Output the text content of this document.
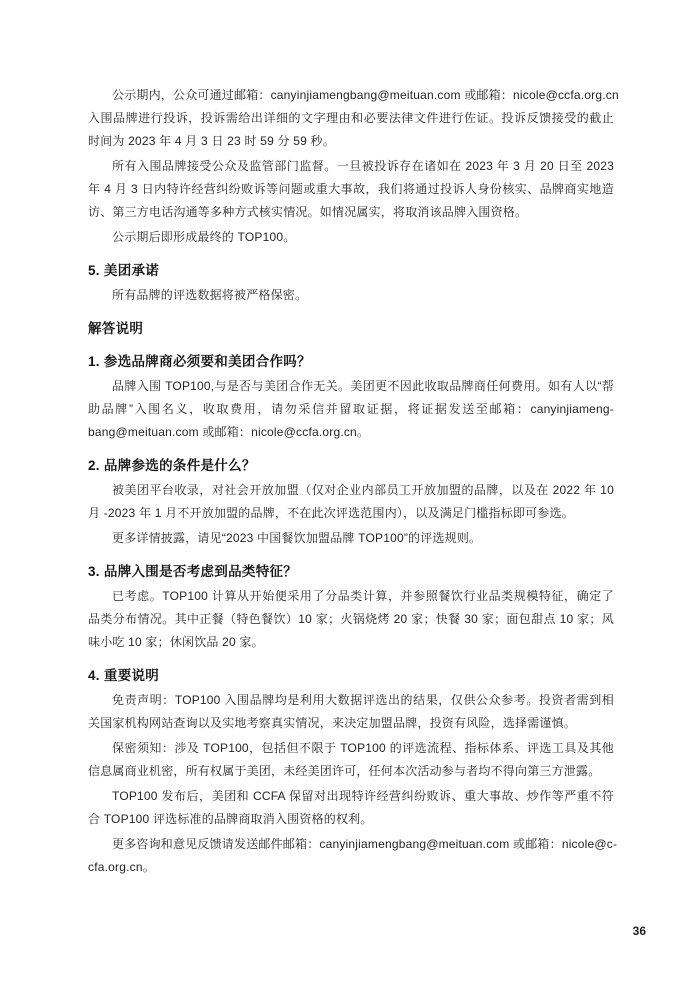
公示期内，公众可通过邮箱：canyinjiamengbang@meituan.com 或邮箱：nicole@ccfa.org.cn
入围品牌进行投诉，投诉需给出详细的文字理由和必要法律文件进行佐证。投诉反馈接受的截止
时间为 2023 年 4 月 3 日 23 时 59 分 59 秒。
所有入围品牌接受公众及监管部门监督。一旦被投诉存在诸如在 2023 年 3 月 20 日至 2023
年 4 月 3 日内特许经营纠纷败诉等问题或重大事故，我们将通过投诉人身份核实、品牌商实地造
访、第三方电话沟通等多种方式核实情况。如情况属实，将取消该品牌入围资格。
公示期后即形成最终的 TOP100。
5. 美团承诺
所有品牌的评选数据将被严格保密。
解答说明
1. 参选品牌商必须要和美团合作吗？
品牌入围 TOP100,与是否与美团合作无关。美团更不因此收取品牌商任何费用。如有人以“帮
助品牌”入围名义，收取费用，请勿采信并留取证据，将证据发送至邮箱：canyinjiameng-
bang@meituan.com 或邮箱：nicole@ccfa.org.cn。
2. 品牌参选的条件是什么？
被美团平台收录，对社会开放加盟（仅对企业内部员工开放加盟的品牌，以及在 2022 年 10
月 -2023 年 1 月不开放加盟的品牌，不在此次评选范围内），以及满足门槛指标即可参选。
更多详情披露，请见“2023 中国餐饮加盟品牌 TOP100”的评选规则。
3. 品牌入围是否考虑到品类特征？
已考虑。TOP100 计算从开始便采用了分品类计算，并参照餐饮行业品类规模特征，确定了
品类分布情况。其中正餐（特色餐饮）10 家；火锅烧烤 20 家；快餐 30 家；面包甜点 10 家；风
味小吃 10 家；休闲饮品 20 家。
4. 重要说明
免责声明：TOP100 入围品牌均是利用大数据评选出的结果，仅供公众参考。投资者需到相
关国家机构网站查询以及实地考察真实情况，来决定加盟品牌，投资有风险，选择需谨慎。
保密须知：涉及 TOP100，包括但不限于 TOP100 的评选流程、指标体系、评选工具及其他
信息属商业机密，所有权属于美团，未经美团许可，任何本次活动参与者均不得向第三方泄露。
TOP100 发布后，美团和 CCFA 保留对出现特许经营纠纷败诉、重大事故、炒作等严重不符
合 TOP100 评选标准的品牌商取消入围资格的权利。
更多咨询和意见反馈请发送邮件邮箱：canyinjiamengbang@meituan.com 或邮箱：nicole@c-
cfa.org.cn。
36
